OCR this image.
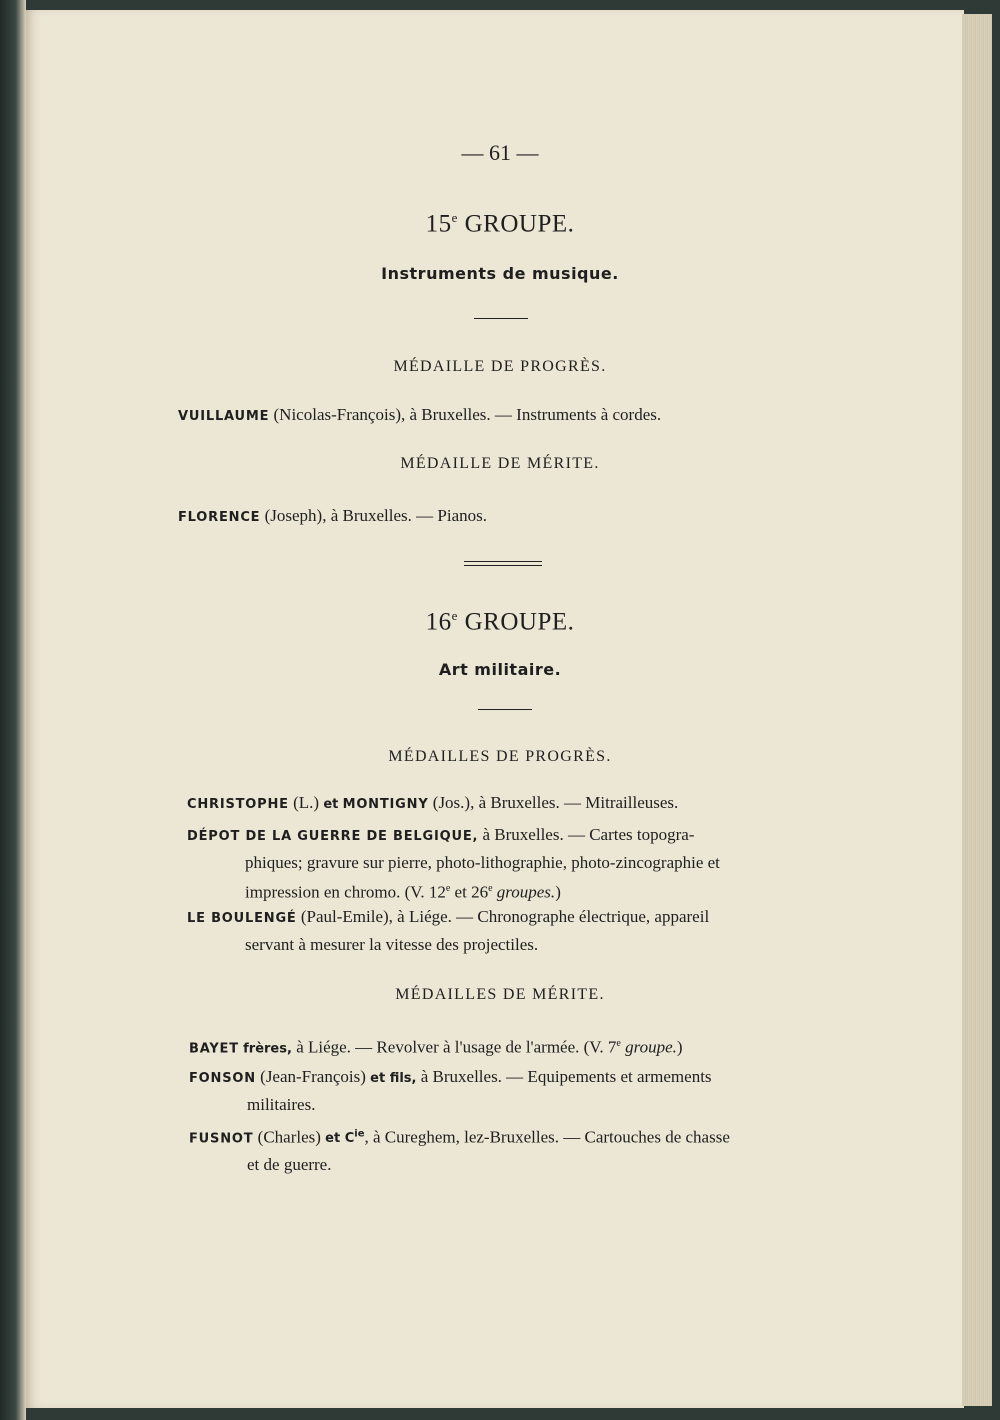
— 61 —
15e GROUPE.
Instruments de musique.
MÉDAILLE DE PROGRÈS.
VUILLAUME (Nicolas-François), à Bruxelles. — Instruments à cordes.
MÉDAILLE DE MÉRITE.
FLORENCE (Joseph), à Bruxelles. — Pianos.
16e GROUPE.
Art militaire.
MÉDAILLES DE PROGRÈS.
CHRISTOPHE (L.) et MONTIGNY (Jos.), à Bruxelles. — Mitrailleuses.
DÉPOT DE LA GUERRE DE BELGIQUE, à Bruxelles. — Cartes topogra-
phiques; gravure sur pierre, photo-lithographie, photo-zincographie et
impression en chromo. (V. 12e et 26e groupes.)
LE BOULENGÉ (Paul-Emile), à Liége. — Chronographe électrique, appareil
servant à mesurer la vitesse des projectiles.
MÉDAILLES DE MÉRITE.
BAYET frères, à Liége. — Revolver à l'usage de l'armée. (V. 7e groupe.)
FONSON (Jean-François) et fils, à Bruxelles. — Equipements et armements
militaires.
FUSNOT (Charles) et $C^{ie}$, à Cureghem, lez-Bruxelles. — Cartouches de chasse
et de guerre.
